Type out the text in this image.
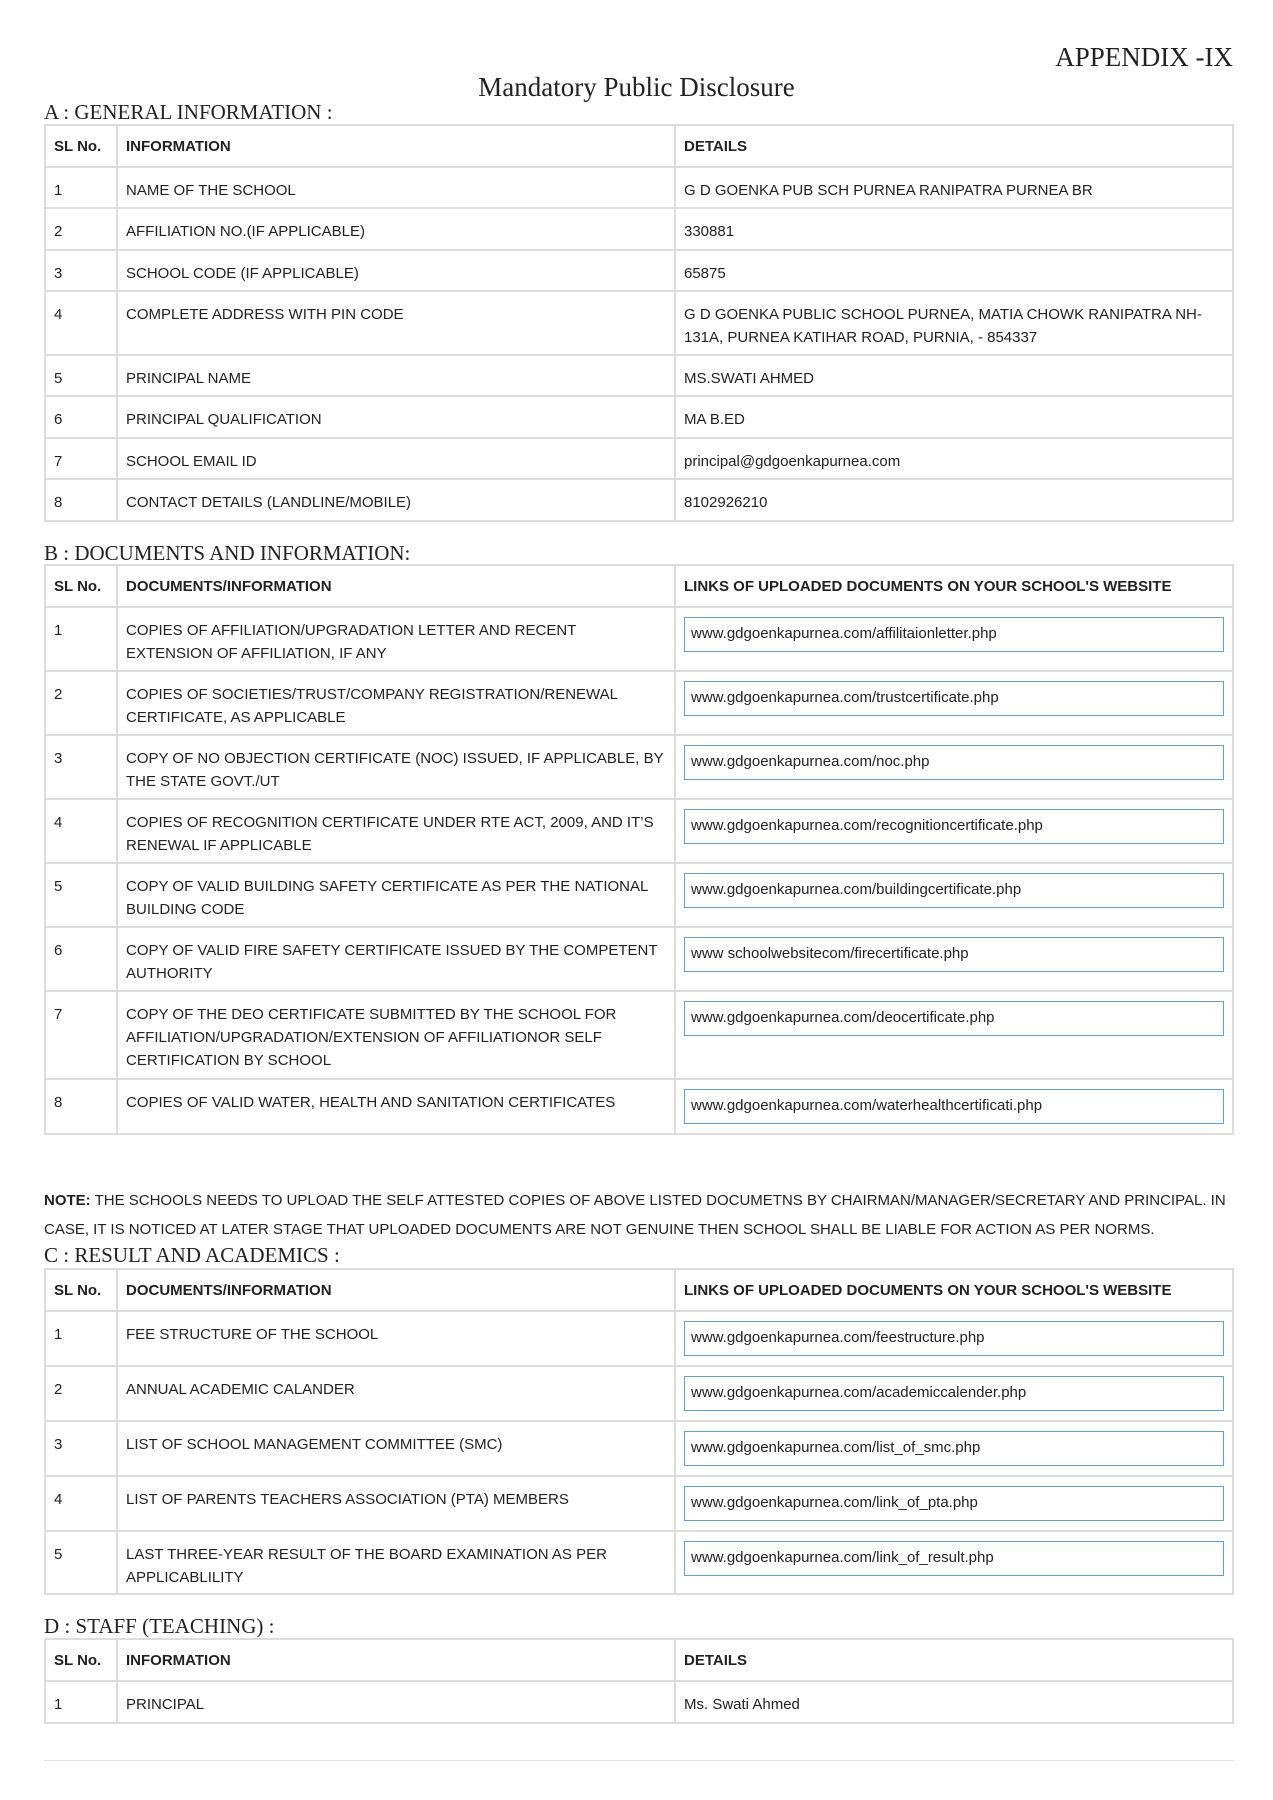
APPENDIX -IX
Mandatory Public Disclosure
A : GENERAL INFORMATION :
SL No.	INFORMATION	DETAILS
1	NAME OF THE SCHOOL	G D GOENKA PUB SCH PURNEA RANIPATRA PURNEA BR
2	AFFILIATION NO.(IF APPLICABLE)	330881
3	SCHOOL CODE (IF APPLICABLE)	65875
4	COMPLETE ADDRESS WITH PIN CODE	G D GOENKA PUBLIC SCHOOL PURNEA, MATIA CHOWK RANIPATRA NH-131A, PURNEA KATIHAR ROAD, PURNIA, - 854337
5	PRINCIPAL NAME	MS.SWATI AHMED
6	PRINCIPAL QUALIFICATION	MA B.ED
7	SCHOOL EMAIL ID	principal@gdgoenkapurnea.com
8	CONTACT DETAILS (LANDLINE/MOBILE)	8102926210
B : DOCUMENTS AND INFORMATION:
SL No.	DOCUMENTS/INFORMATION	LINKS OF UPLOADED DOCUMENTS ON YOUR SCHOOL'S WEBSITE
1	COPIES OF AFFILIATION/UPGRADATION LETTER AND RECENT EXTENSION OF AFFILIATION, IF ANY	www.gdgoenkapurnea.com/affilitaionletter.php

2	COPIES OF SOCIETIES/TRUST/COMPANY REGISTRATION/RENEWAL CERTIFICATE, AS APPLICABLE	www.gdgoenkapurnea.com/trustcertificate.php

3	COPY OF NO OBJECTION CERTIFICATE (NOC) ISSUED, IF APPLICABLE, BY THE STATE GOVT./UT	www.gdgoenkapurnea.com/noc.php

4	COPIES OF RECOGNITION CERTIFICATE UNDER RTE ACT, 2009, AND IT’S RENEWAL IF APPLICABLE	www.gdgoenkapurnea.com/recognitioncertificate.php

5	COPY OF VALID BUILDING SAFETY CERTIFICATE AS PER THE NATIONAL BUILDING CODE	www.gdgoenkapurnea.com/buildingcertificate.php

6	COPY OF VALID FIRE SAFETY CERTIFICATE ISSUED BY THE COMPETENT AUTHORITY	www schoolwebsitecom/firecertificate.php

7	COPY OF THE DEO CERTIFICATE SUBMITTED BY THE SCHOOL FOR AFFILIATION/UPGRADATION/EXTENSION OF AFFILIATIONOR SELF CERTIFICATION BY SCHOOL	www.gdgoenkapurnea.com/deocertificate.php

8	COPIES OF VALID WATER, HEALTH AND SANITATION CERTIFICATES	www.gdgoenkapurnea.com/waterhealthcertificati.php
NOTE: THE SCHOOLS NEEDS TO UPLOAD THE SELF ATTESTED COPIES OF ABOVE LISTED DOCUMETNS BY CHAIRMAN/MANAGER/SECRETARY AND PRINCIPAL. IN CASE, IT IS NOTICED AT LATER STAGE THAT UPLOADED DOCUMENTS ARE NOT GENUINE THEN SCHOOL SHALL BE LIABLE FOR ACTION AS PER NORMS.
C : RESULT AND ACADEMICS :
SL No.	DOCUMENTS/INFORMATION	LINKS OF UPLOADED DOCUMENTS ON YOUR SCHOOL'S WEBSITE
1	FEE STRUCTURE OF THE SCHOOL	www.gdgoenkapurnea.com/feestructure.php

2	ANNUAL ACADEMIC CALANDER	www.gdgoenkapurnea.com/academiccalender.php

3	LIST OF SCHOOL MANAGEMENT COMMITTEE (SMC)	www.gdgoenkapurnea.com/list_of_smc.php

4	LIST OF PARENTS TEACHERS ASSOCIATION (PTA) MEMBERS	www.gdgoenkapurnea.com/link_of_pta.php

5	LAST THREE-YEAR RESULT OF THE BOARD EXAMINATION AS PER APPLICABLILITY	www.gdgoenkapurnea.com/link_of_result.php
D : STAFF (TEACHING) :
SL No.	INFORMATION	DETAILS
1	PRINCIPAL	Ms. Swati Ahmed
